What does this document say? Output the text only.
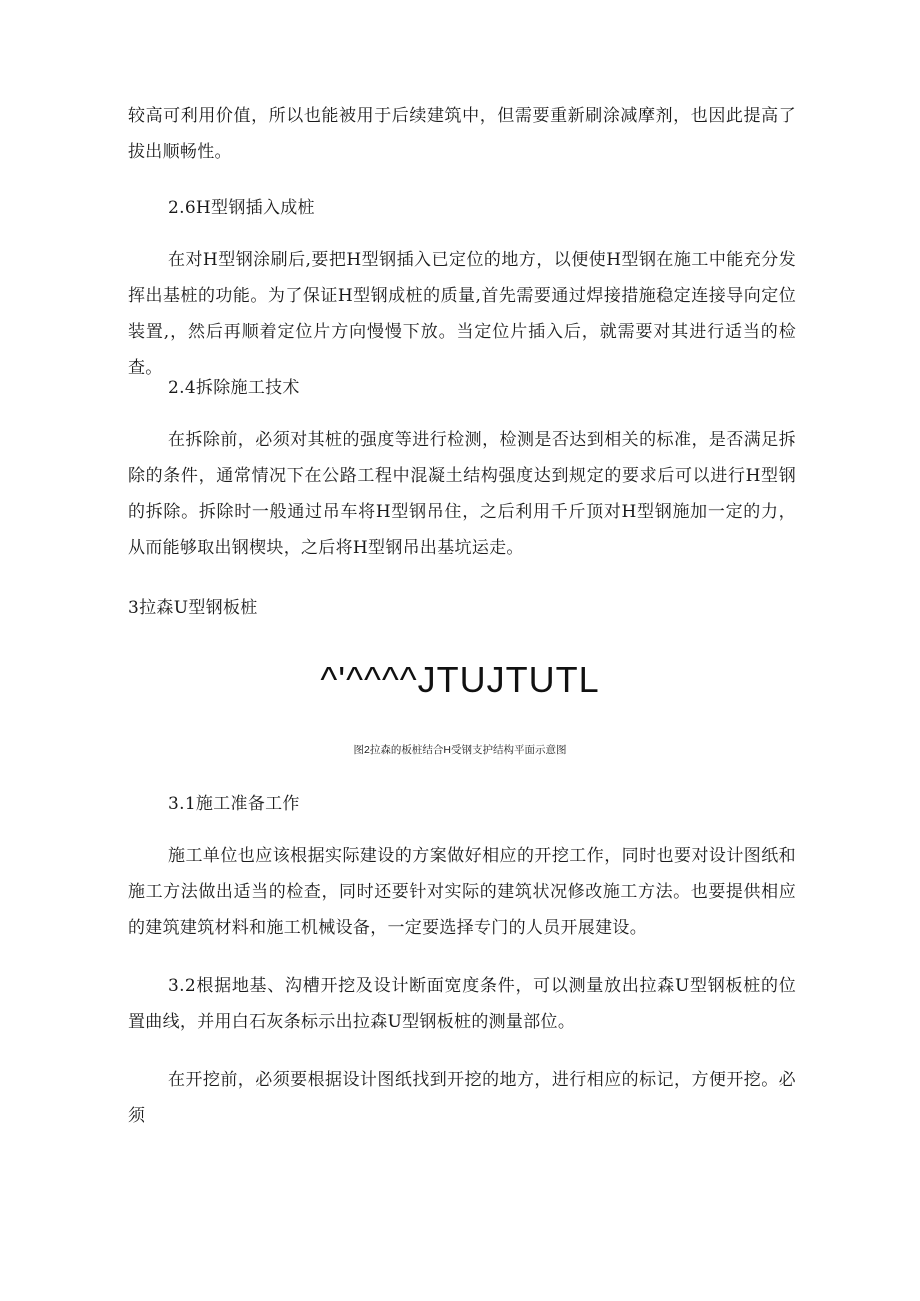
较高可利用价值，所以也能被用于后续建筑中，但需要重新刷涂减摩剂，也因此提高了拔出顺畅性。

2.6H型钢插入成桩

在对H型钢涂刷后,要把H型钢插入已定位的地方，以便使H型钢在施工中能充分发挥出基桩的功能。为了保证H型钢成桩的质量,首先需要通过焊接措施稳定连接导向定位装置,，然后再顺着定位片方向慢慢下放。当定位片插入后，就需要对其进行适当的检查。

2.4拆除施工技术

在拆除前，必须对其桩的强度等进行检测，检测是否达到相关的标准，是否满足拆除的条件，通常情况下在公路工程中混凝土结构强度达到规定的要求后可以进行H型钢的拆除。拆除时一般通过吊车将H型钢吊住，之后利用千斤顶对H型钢施加一定的力，从而能够取出钢楔块，之后将H型钢吊出基坑运走。

3拉森U型钢板桩

^'^^^^JTUJTUTL
图2拉森的板桩结合H受钢支护结构平面示意图

3.1施工准备工作

施工单位也应该根据实际建设的方案做好相应的开挖工作，同时也要对设计图纸和施工方法做出适当的检查，同时还要针对实际的建筑状况修改施工方法。也要提供相应的建筑建筑材料和施工机械设备，一定要选择专门的人员开展建设。

3.2根据地基、沟槽开挖及设计断面宽度条件，可以测量放出拉森U型钢板桩的位置曲线，并用白石灰条标示出拉森U型钢板桩的测量部位。

在开挖前，必须要根据设计图纸找到开挖的地方，进行相应的标记，方便开挖。必须
